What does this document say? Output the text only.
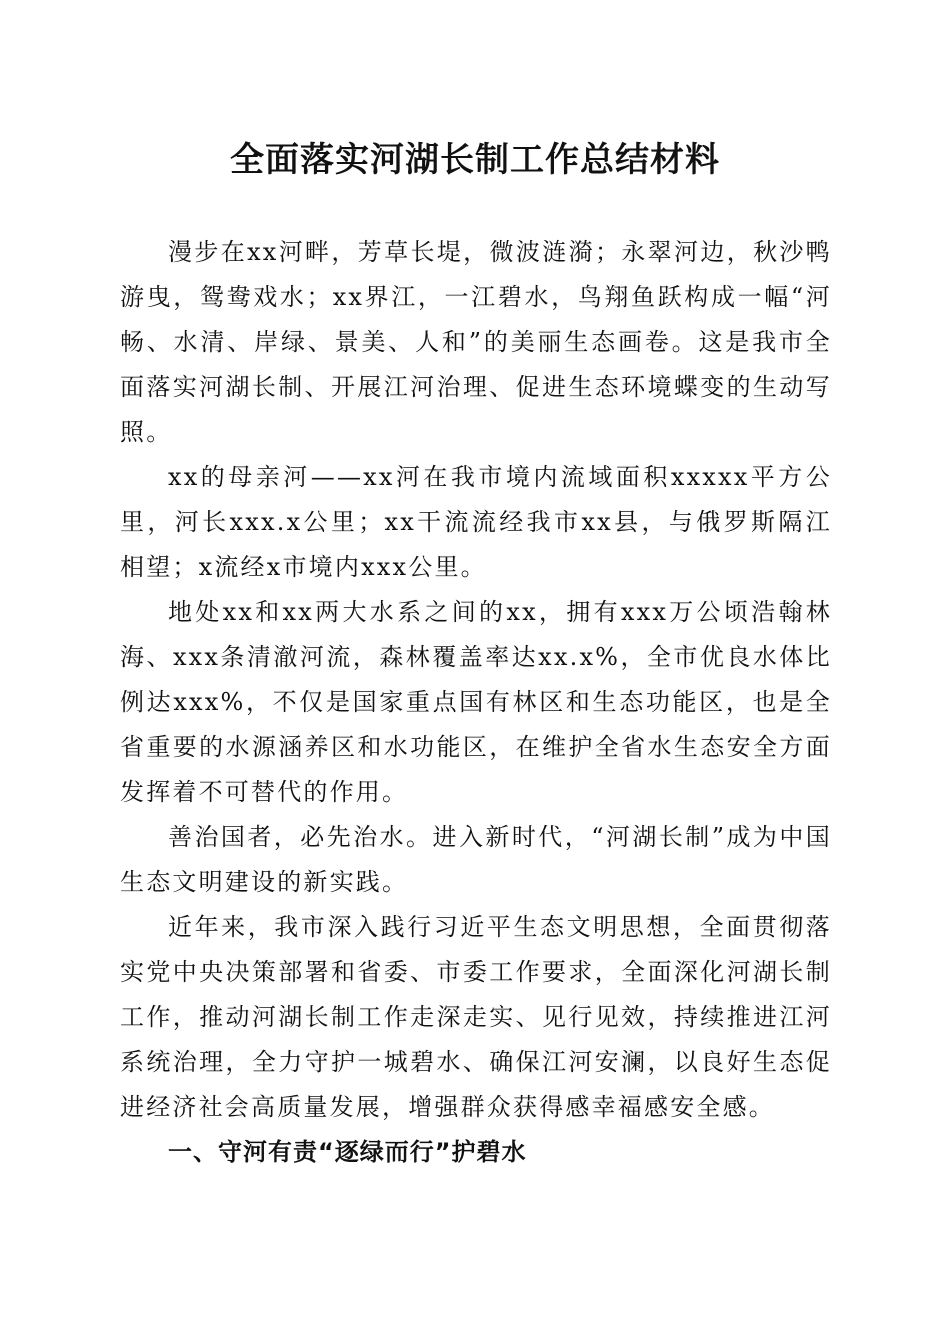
全面落实河湖长制工作总结材料

漫步在xx河畔，芳草长堤，微波涟漪；永翠河边，秋沙鸭游曳，鸳鸯戏水；xx界江，一江碧水，鸟翔鱼跃构成一幅“河畅、水清、岸绿、景美、人和”的美丽生态画卷。这是我市全面落实河湖长制、开展江河治理、促进生态环境蝶变的生动写照。

xx的母亲河——xx河在我市境内流域面积xxxxx平方公里，河长xxx.x公里；xx干流流经我市xx县，与俄罗斯隔江相望；x流经x市境内xxx公里。

地处xx和xx两大水系之间的xx，拥有xxx万公顷浩翰林海、xxx条清澈河流，森林覆盖率达xx.x%，全市优良水体比例达xxx%，不仅是国家重点国有林区和生态功能区，也是全省重要的水源涵养区和水功能区，在维护全省水生态安全方面发挥着不可替代的作用。

善治国者，必先治水。进入新时代，“河湖长制”成为中国生态文明建设的新实践。

近年来，我市深入践行习近平生态文明思想，全面贯彻落实党中央决策部署和省委、市委工作要求，全面深化河湖长制工作，推动河湖长制工作走深走实、见行见效，持续推进江河系统治理，全力守护一城碧水、确保江河安澜，以良好生态促进经济社会高质量发展，增强群众获得感幸福感安全感。

一、守河有责“逐绿而行”护碧水
